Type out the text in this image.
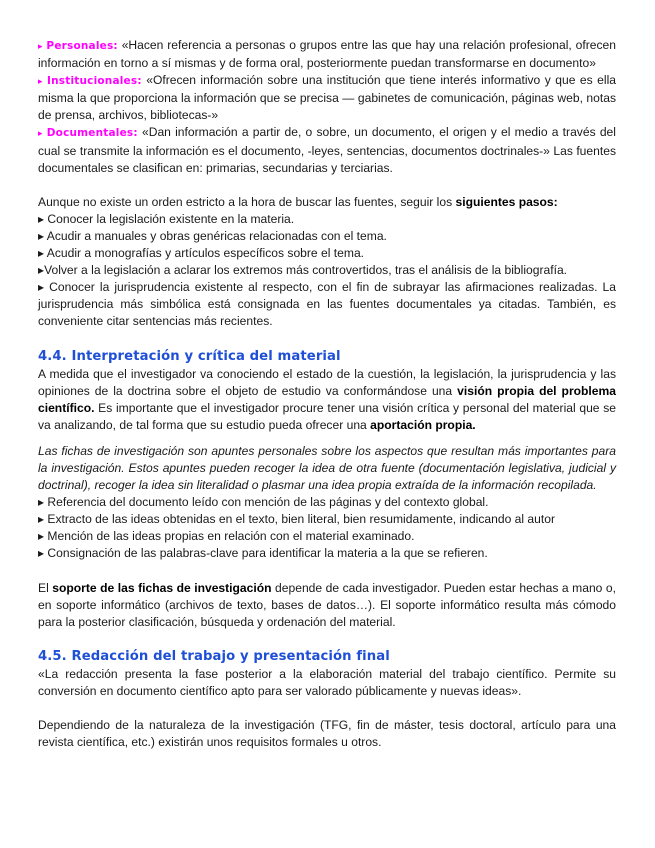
▸ Personales: «Hacen referencia a personas o grupos entre las que hay una relación profesional, ofrecen información en torno a sí mismas y de forma oral, posteriormente puedan transformarse en documento»

▸ Institucionales: «Ofrecen información sobre una institución que tiene interés informativo y que es ella misma la que proporciona la información que se precisa — gabinetes de comunicación, páginas web, notas de prensa, archivos, bibliotecas-»

▸ Documentales: «Dan información a partir de, o sobre, un documento, el origen y el medio a través del cual se transmite la información es el documento, -leyes, sentencias, documentos doctrinales-» Las fuentes documentales se clasifican en: primarias, secundarias y terciarias.

Aunque no existe un orden estricto a la hora de buscar las fuentes, seguir los siguientes pasos:

▸ Conocer la legislación existente en la materia.

▸ Acudir a manuales y obras genéricas relacionadas con el tema.

▸ Acudir a monografías y artículos específicos sobre el tema.

▸Volver a la legislación a aclarar los extremos más controvertidos, tras el análisis de la bibliografía.

▸ Conocer la jurisprudencia existente al respecto, con el fin de subrayar las afirmaciones realizadas. La jurisprudencia más simbólica está consignada en las fuentes documentales ya citadas. También, es conveniente citar sentencias más recientes.

4.4. Interpretación y crítica del material

A medida que el investigador va conociendo el estado de la cuestión, la legislación, la jurisprudencia y las opiniones de la doctrina sobre el objeto de estudio va conformándose una visión propia del problema científico. Es importante que el investigador procure tener una visión crítica y personal del material que se va analizando, de tal forma que su estudio pueda ofrecer una aportación propia.

Las fichas de investigación son apuntes personales sobre los aspectos que resultan más importantes para la investigación. Estos apuntes pueden recoger la idea de otra fuente (documentación legislativa, judicial y doctrinal), recoger la idea sin literalidad o plasmar una idea propia extraída de la información recopilada.

▸ Referencia del documento leído con mención de las páginas y del contexto global.

▸ Extracto de las ideas obtenidas en el texto, bien literal, bien resumidamente, indicando al autor

▸ Mención de las ideas propias en relación con el material examinado.

▸ Consignación de las palabras-clave para identificar la materia a la que se refieren.

El soporte de las fichas de investigación depende de cada investigador. Pueden estar hechas a mano o, en soporte informático (archivos de texto, bases de datos…). El soporte informático resulta más cómodo para la posterior clasificación, búsqueda y ordenación del material.

4.5. Redacción del trabajo y presentación final

«La redacción presenta la fase posterior a la elaboración material del trabajo científico. Permite su conversión en documento científico apto para ser valorado públicamente y nuevas ideas».

Dependiendo de la naturaleza de la investigación (TFG, fin de máster, tesis doctoral, artículo para una revista científica, etc.) existirán unos requisitos formales u otros.
